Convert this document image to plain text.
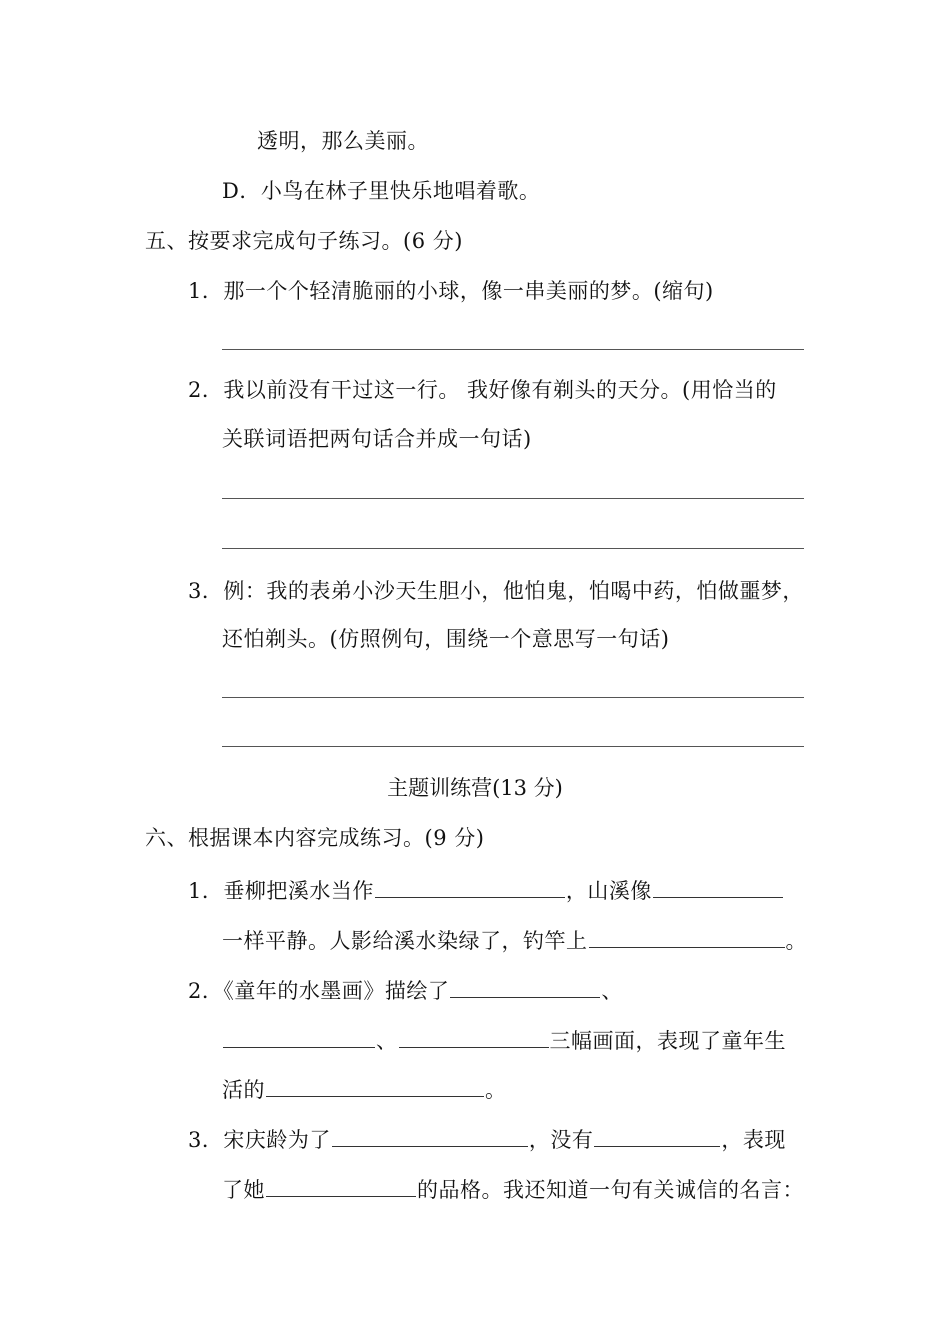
透明，那么美丽。
D．小鸟在林子里快乐地唱着歌。
五、按要求完成句子练习。(6 分)
1．那一个个轻清脆丽的小球，像一串美丽的梦。(缩句)
2．我以前没有干过这一行。 我好像有剃头的天分。(用恰当的
关联词语把两句话合并成一句话)
3．例：我的表弟小沙天生胆小，他怕鬼，怕喝中药，怕做噩梦，
还怕剃头。(仿照例句，围绕一个意思写一句话)
主题训练营(13 分)
六、根据课本内容完成练习。(9 分)
1．垂柳把溪水当作	，山溪像
一样平静。人影给溪水染绿了，钓竿上	。
2．《童年的水墨画》描绘了	、
、	三幅画面，表现了童年生
活的	。
3．宋庆龄为了	，没有	，表现
了她	的品格。我还知道一句有关诚信的名言：
